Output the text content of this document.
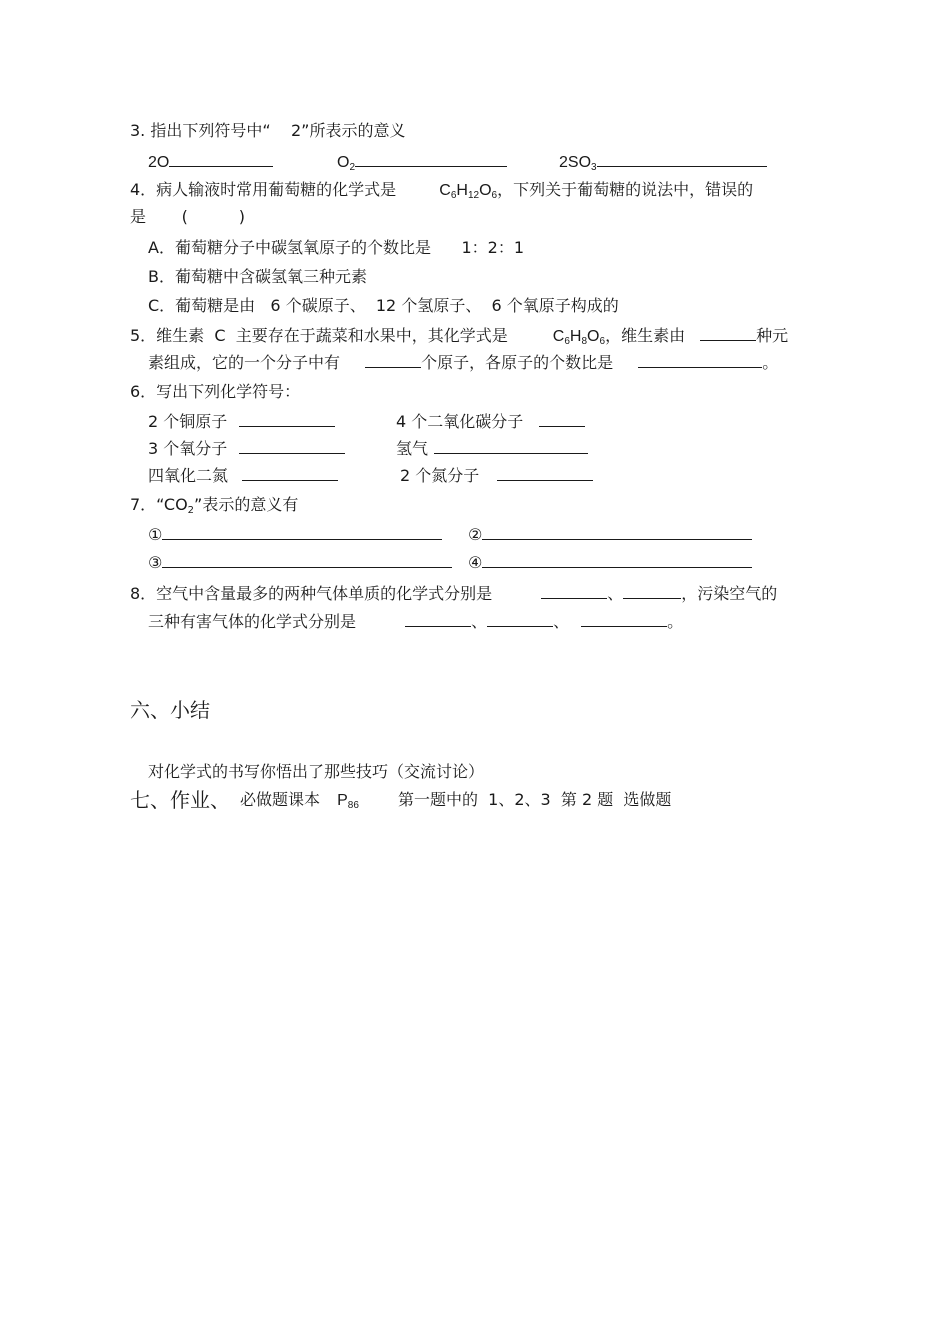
3. 指出下列符号中“    2”所表示的意义
2O	$O_2$	$2SO_3$
4．病人输液时常用葡萄糖的化学式是	$C_6H_{12}O_6$，下列关于葡萄糖的说法中，错误的
是       (          )
A．葡萄糖分子中碳氢氧原子的个数比是      1：2：1
B．葡萄糖中含碳氢氧三种元素
C．葡萄糖是由   6 个碳原子、  12 个氢原子、  6 个氧原子构成的
5．维生素  C  主要存在于蔬菜和水果中，其化学式是	$C_6H_8O_6$，维生素由	种元
素组成，它的一个分子中有	个原子，各原子的个数比是	。
6．写出下列化学符号：
2 个铜原子	4 个二氧化碳分子
3 个氧分子	氢气
四氧化二氮	2 个氮分子
7．“$CO_2$”表示的意义有
①	②
③	④
8．空气中含量最多的两种气体单质的化学式分别是	、	，污染空气的
三种有害气体的化学式分别是	、	、	。
六、小结
对化学式的书写你悟出了那些技巧（交流讨论）
七、作业、 必做题课本 $P_{86}$ 第一题中的  1、2、3  第 2 题  选做题
